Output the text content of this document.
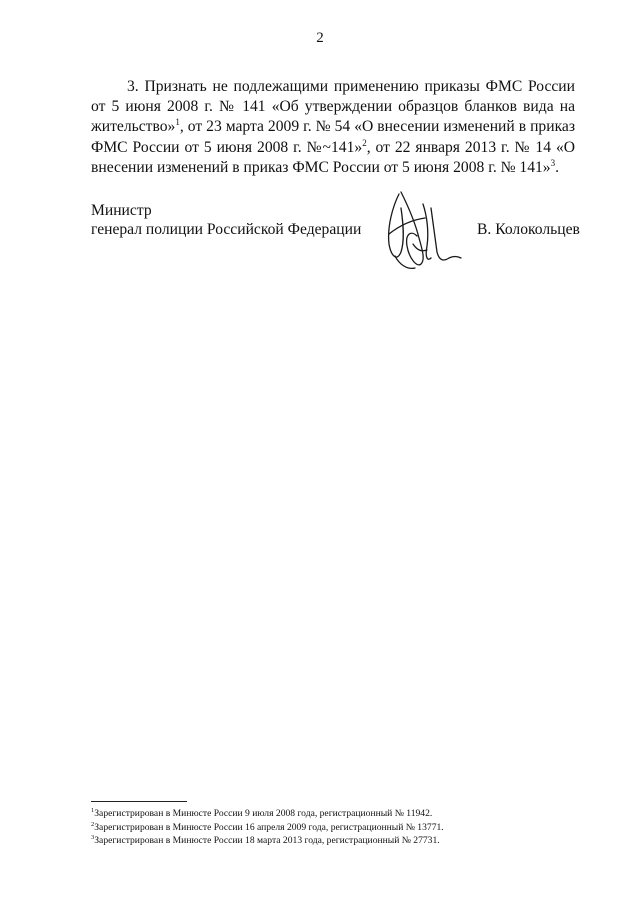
2

3. Признать не подлежащими применению приказы ФМС России от 5 июня 2008 г. № 141 «Об утверждении образцов бланков вида на жительство»$^1$, от 23 марта 2009 г. № 54 «О внесении изменений в приказ ФМС России от 5 июня 2008 г. №~141»$^2$, от 22 января 2013 г. № 14 «О внесении изменений в приказ ФМС России от 5 июня 2008 г. № 141»$^3$.

Министр
генерал полиции Российской Федерации	В. Колокольцев
$^1$Зарегистрирован в Минюсте России 9 июля 2008 года, регистрационный № 11942.
$^2$Зарегистрирован в Минюсте России 16 апреля 2009 года, регистрационный № 13771.
$^3$Зарегистрирован в Минюсте России 18 марта 2013 года, регистрационный № 27731.
